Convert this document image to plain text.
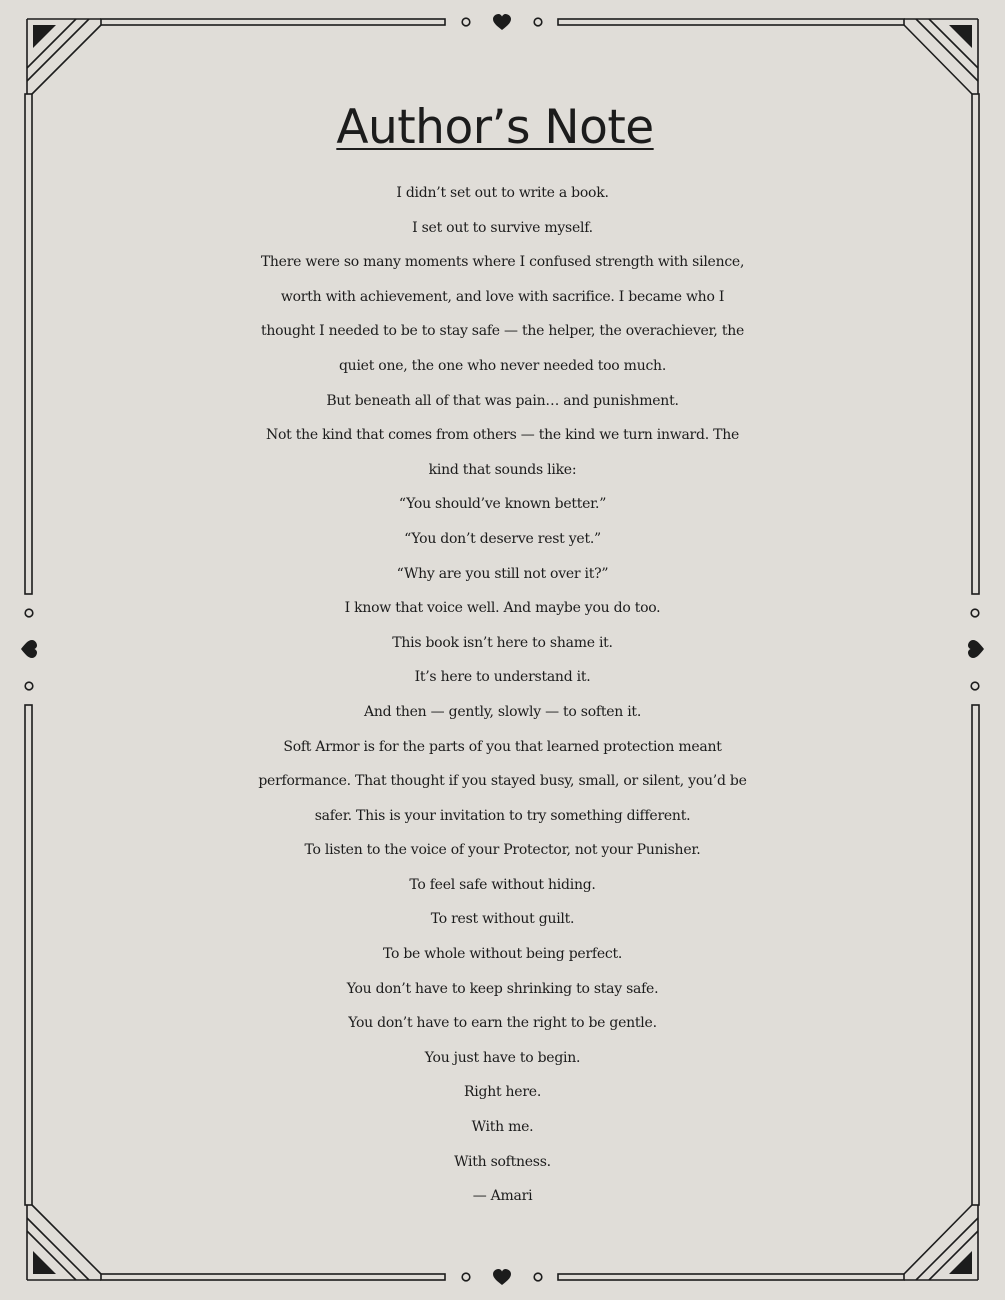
Author’s Note
I didn’t set out to write a book.
I set out to survive myself.
There were so many moments where I confused strength with silence,
worth with achievement, and love with sacrifice. I became who I
thought I needed to be to stay safe — the helper, the overachiever, the
quiet one, the one who never needed too much.
But beneath all of that was pain… and punishment.
Not the kind that comes from others — the kind we turn inward. The
kind that sounds like:
“You should’ve known better.”
“You don’t deserve rest yet.”
“Why are you still not over it?”
I know that voice well. And maybe you do too.
This book isn’t here to shame it.
It’s here to understand it.
And then — gently, slowly — to soften it.
Soft Armor is for the parts of you that learned protection meant
performance. That thought if you stayed busy, small, or silent, you’d be
safer. This is your invitation to try something different.
To listen to the voice of your Protector, not your Punisher.
To feel safe without hiding.
To rest without guilt.
To be whole without being perfect.
You don’t have to keep shrinking to stay safe.
You don’t have to earn the right to be gentle.
You just have to begin.
Right here.
With me.
With softness.
— Amari
